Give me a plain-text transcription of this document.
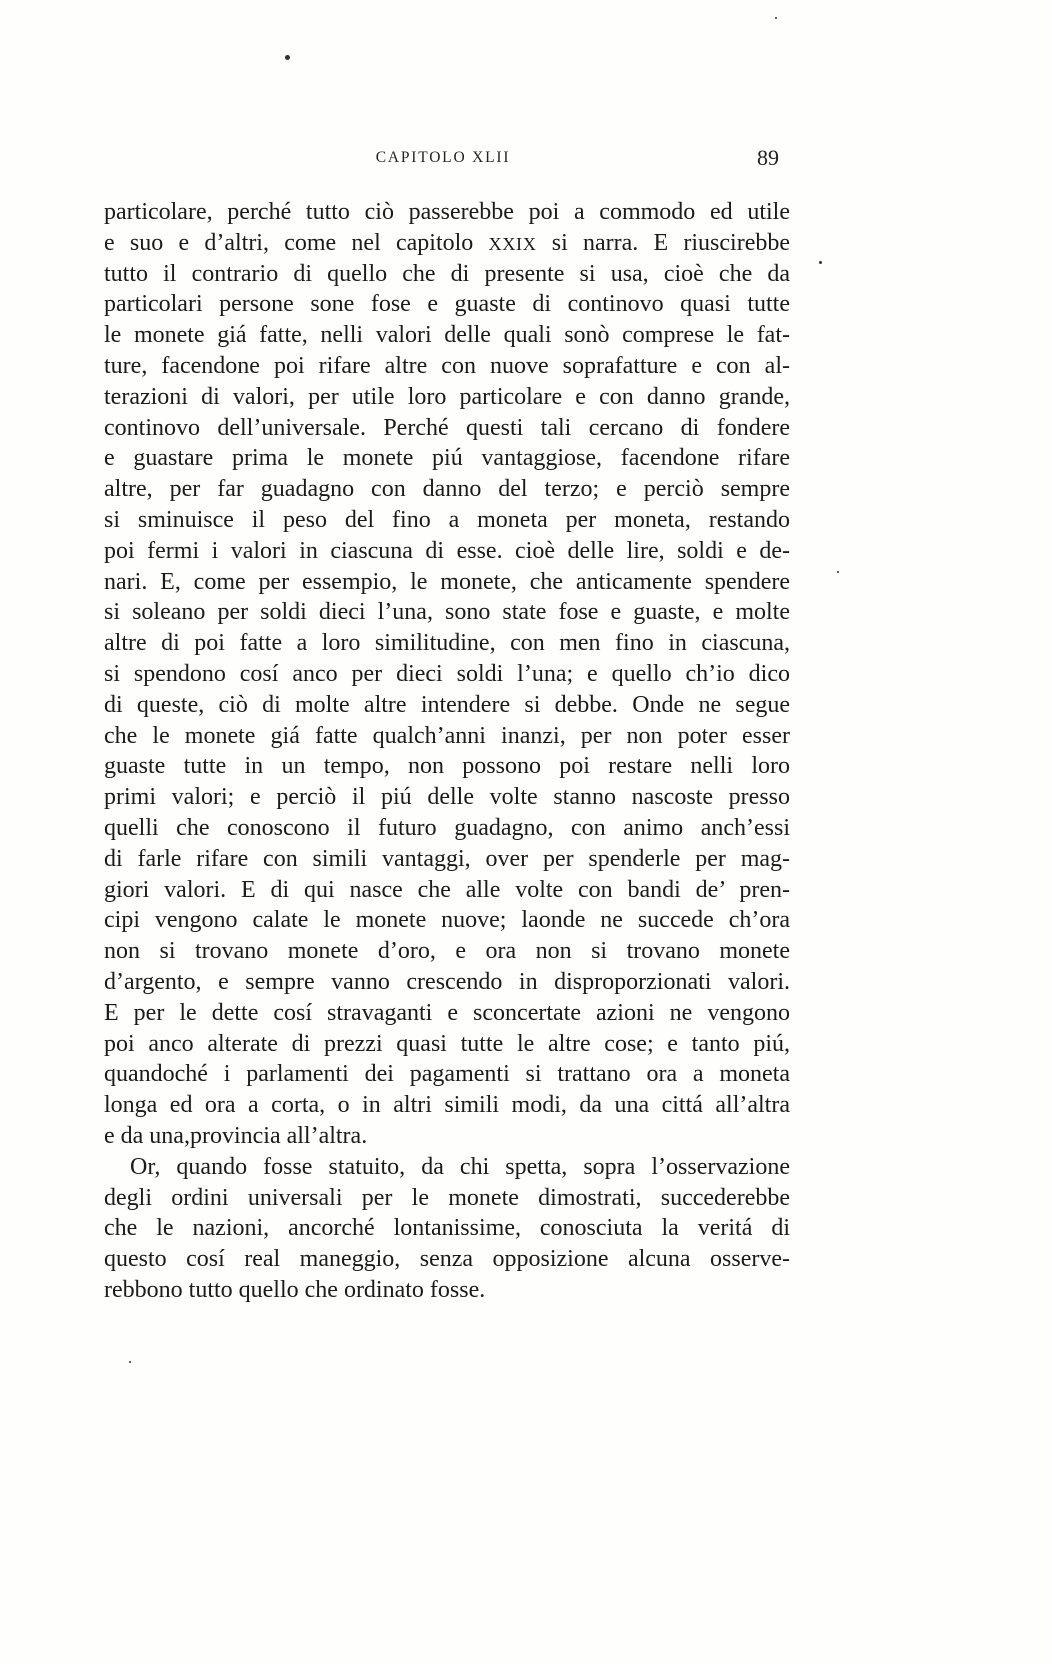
CAPITOLO XLII	89
particolare, perché tutto ciò passerebbe poi a commodo ed utile
e suo e d’altri, come nel capitolo XXIX si narra. E riuscirebbe
tutto il contrario di quello che di presente si usa, cioè che da
particolari persone sone fose e guaste di continovo quasi tutte
le monete giá fatte, nelli valori delle quali sonò comprese le fat-
ture, facendone poi rifare altre con nuove soprafatture e con al-
terazioni di valori, per utile loro particolare e con danno grande,
continovo dell’universale. Perché questi tali cercano di fondere
e guastare prima le monete piú vantaggiose, facendone rifare
altre, per far guadagno con danno del terzo; e perciò sempre
si sminuisce il peso del fino a moneta per moneta, restando
poi fermi i valori in ciascuna di esse. cioè delle lire, soldi e de-
nari. E, come per essempio, le monete, che anticamente spendere
si soleano per soldi dieci l’una, sono state fose e guaste, e molte
altre di poi fatte a loro similitudine, con men fino in ciascuna,
si spendono cosí anco per dieci soldi l’una; e quello ch’io dico
di queste, ciò di molte altre intendere si debbe. Onde ne segue
che le monete giá fatte qualch’anni inanzi, per non poter esser
guaste tutte in un tempo, non possono poi restare nelli loro
primi valori; e perciò il piú delle volte stanno nascoste presso
quelli che conoscono il futuro guadagno, con animo anch’essi
di farle rifare con simili vantaggi, over per spenderle per mag-
giori valori. E di qui nasce che alle volte con bandi de’ pren-
cipi vengono calate le monete nuove; laonde ne succede ch’ora
non si trovano monete d’oro, e ora non si trovano monete
d’argento, e sempre vanno crescendo in disproporzionati valori.
E per le dette cosí stravaganti e sconcertate azioni ne vengono
poi anco alterate di prezzi quasi tutte le altre cose; e tanto piú,
quandoché i parlamenti dei pagamenti si trattano ora a moneta
longa ed ora a corta, o in altri simili modi, da una cittá all’altra
e da una,provincia all’altra.
Or, quando fosse statuito, da chi spetta, sopra l’osservazione
degli ordini universali per le monete dimostrati, succederebbe
che le nazioni, ancorché lontanissime, conosciuta la veritá di
questo cosí real maneggio, senza opposizione alcuna osserve-
rebbono tutto quello che ordinato fosse.
